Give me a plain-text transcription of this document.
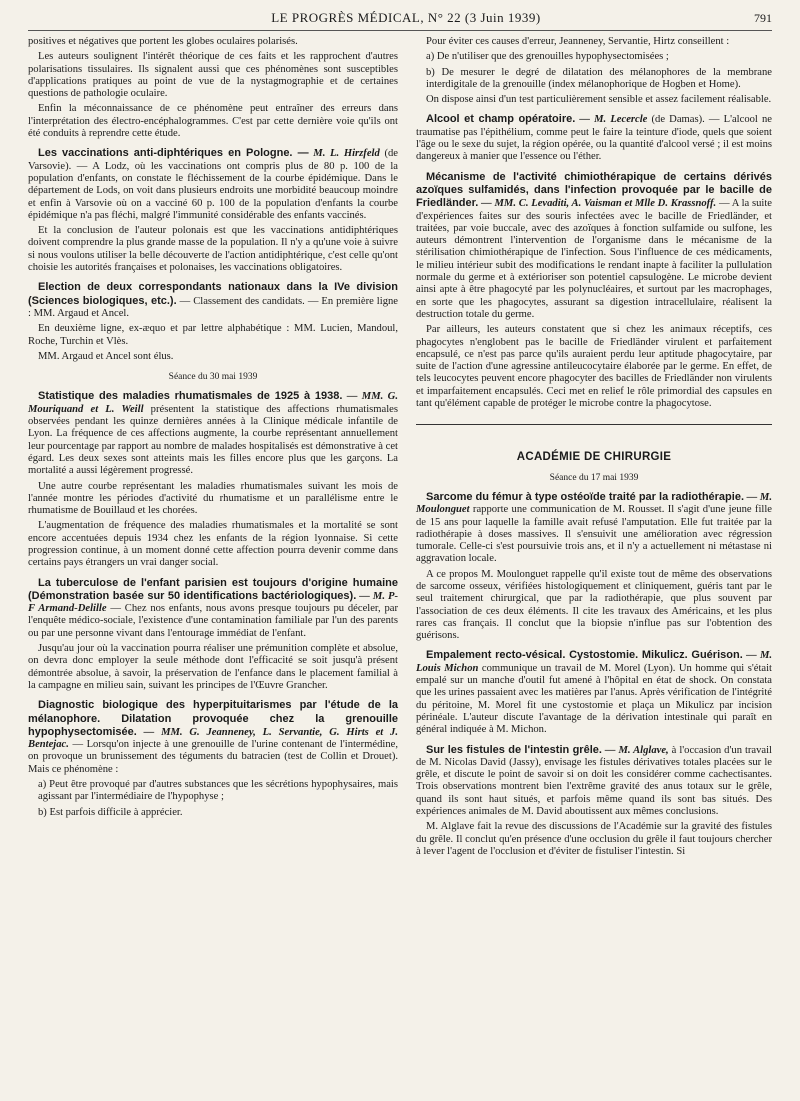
LE PROGRÈS MÉDICAL, N° 22 (3 Juin 1939)	791

positives et négatives que portent les globes oculaires polarisés.

Les auteurs soulignent l'intérêt théorique de ces faits et les rapprochent d'autres polarisations tissulaires. Ils signalent aussi que ces phénomènes sont susceptibles d'applications pratiques au point de vue de la nystagmographie et de certaines questions de pathologie oculaire.

Enfin la méconnaissance de ce phénomène peut entraîner des erreurs dans l'interprétation des électro-encéphalogrammes. C'est par cette dernière voie qu'ils ont été conduits à reprendre cette étude.

Les vaccinations anti-diphtériques en Pologne. — M. L. Hirzfeld (de Varsovie). — A Lodz, où les vaccinations ont compris plus de 80 p. 100 de la population d'enfants, on constate le fléchissement de la courbe épidémique. Dans le département de Lods, on voit dans plusieurs endroits une morbidité beaucoup moindre et enfin à Varsovie où on a vacciné 60 p. 100 de la population d'enfants la courbe épidémique n'a pas fléchi, malgré l'immunité considérable des enfants vaccinés.

Et la conclusion de l'auteur polonais est que les vaccinations antidiphtériques doivent comprendre la plus grande masse de la population. Il n'y a qu'une voie à suivre si nous voulons utiliser la belle découverte de l'action antidiphtérique, c'est celle qu'ont choisie les autorités françaises et polonaises, les vaccinations obligatoires.

Election de deux correspondants nationaux dans la IVe division (Sciences biologiques, etc.). — Classement des candidats. — En première ligne : MM. Argaud et Ancel.

En deuxième ligne, ex-æquo et par lettre alphabétique : MM. Lucien, Mandoul, Roche, Turchin et Vlès.

MM. Argaud et Ancel sont élus.

Séance du 30 mai 1939

Statistique des maladies rhumatismales de 1925 à 1938. — MM. G. Mouriquand et L. Weill présentent la statistique des affections rhumatismales observées pendant les quinze dernières années à la Clinique médicale infantile de Lyon. La fréquence de ces affections augmente, la courbe représentant annuellement leur pourcentage par rapport au nombre de malades hospitalisés est démonstrative à cet égard. Les deux sexes sont atteints mais les filles encore plus que les garçons. La mortalité a aussi légèrement progressé.

Une autre courbe représentant les maladies rhumatismales suivant les mois de l'année montre les périodes d'activité du rhumatisme et un parallélisme entre le rhumatisme de Bouillaud et les chorées.

L'augmentation de fréquence des maladies rhumatismales et la mortalité se sont encore accentuées depuis 1934 chez les enfants de la région lyonnaise. Si cette progression continue, à un moment donné cette affection pourra devenir comme dans certains pays étrangers un vrai danger social.

La tuberculose de l'enfant parisien est toujours d'origine humaine (Démonstration basée sur 50 identifications bactériologiques). — M. P-F Armand-Delille — Chez nos enfants, nous avons presque toujours pu déceler, par l'enquête médico-sociale, l'existence d'une contamination familiale par l'un des parents ou par une personne vivant dans l'entourage immédiat de l'enfant.

Jusqu'au jour où la vaccination pourra réaliser une prémunition complète et absolue, on devra donc employer la seule méthode dont l'efficacité se soit jusqu'à présent démontrée absolue, à savoir, la préservation de l'enfance dans le placement familial à la campagne en milieu sain, suivant les principes de l'Œuvre Grancher.

Diagnostic biologique des hyperpituitarismes par l'étude de la mélanophore. Dilatation provoquée chez la grenouille hypophysectomisée. — MM. G. Jeanneney, L. Servantie, G. Hirts et J. Bentejac. — Lorsqu'on injecte à une grenouille de l'urine contenant de l'intermédine, on provoque un brunissement des téguments du batracien (test de Collin et Drouet). Mais ce phénomène :

a) Peut être provoqué par d'autres substances que les sécrétions hypophysaires, mais agissant par l'intermédiaire de l'hypophyse ;

b) Est parfois difficile à apprécier.

Pour éviter ces causes d'erreur, Jeanneney, Servantie, Hirtz conseillent :

a) De n'utiliser que des grenouilles hypophysectomisées ;

b) De mesurer le degré de dilatation des mélanophores de la membrane interdigitale de la grenouille (index mélanophorique de Hogben et Home).

On dispose ainsi d'un test particulièrement sensible et assez facilement réalisable.

Alcool et champ opératoire. — M. Lecercle (de Damas). — L'alcool ne traumatise pas l'épithélium, comme peut le faire la teinture d'iode, quels que soient l'âge ou le sexe du sujet, la région opérée, ou la quantité d'alcool versé ; il est moins dangereux à manier que l'essence ou l'éther.

Mécanisme de l'activité chimiothérapique de certains dérivés azoïques sulfamidés, dans l'infection provoquée par le bacille de Friedländer. — MM. C. Levaditi, A. Vaisman et Mlle D. Krassnoff. — A la suite d'expériences faites sur des souris infectées avec le bacille de Friedländer, et traitées, par voie buccale, avec des azoïques à fonction sulfamide ou sulfone, les auteurs démontrent l'intervention de l'organisme dans le mécanisme de la stérilisation chimiothérapique de l'infection. Sous l'influence de ces médicaments, le milieu intérieur subit des modifications le rendant inapte à faciliter la pullulation normale du germe et à extérioriser son potentiel capsulogène. Le microbe devient ainsi apte à être phagocyté par les polynucléaires, et surtout par les macrophages, en sorte que les phagocytes, assurant sa digestion intracellulaire, réalisent la destruction totale du germe.

Par ailleurs, les auteurs constatent que si chez les animaux réceptifs, ces phagocytes n'englobent pas le bacille de Friedländer virulent et parfaitement encapsulé, ce n'est pas parce qu'ils auraient perdu leur aptitude phagocytaire, par suite de l'action d'une agressine antileucocytaire élaborée par le germe. En effet, de tels leucocytes peuvent encore phagocyter des bacilles de Friedländer non virulents et imparfaitement encapsulés. Ceci met en relief le rôle primordial des capsules en tant qu'élément capable de protéger le microbe contre la phagocytose.

ACADÉMIE DE CHIRURGIE

Séance du 17 mai 1939

Sarcome du fémur à type ostéoïde traité par la radiothérapie. — M. Moulonguet rapporte une communication de M. Rousset. Il s'agit d'une jeune fille de 15 ans pour laquelle la famille avait refusé l'amputation. Elle fut traitée par la radiothérapie à doses massives. Il s'ensuivit une amélioration avec régression tumorale. Celle-ci s'est poursuivie trois ans, et il n'y a actuellement ni métastase ni aggravation locale.

A ce propos M. Moulonguet rappelle qu'il existe tout de même des observations de sarcome osseux, vérifiées histologiquement et cliniquement, guéris tant par le seul traitement chirurgical, que par la radiothérapie, que plus souvent par l'association de ces deux éléments. Il cite les travaux des Américains, et les plus rares cas français. Il conclut que la biopsie n'influe pas sur l'obtention des guérisons.

Empalement recto-vésical. Cystostomie. Mikulicz. Guérison. — M. Louis Michon communique un travail de M. Morel (Lyon). Un homme qui s'était empalé sur un manche d'outil fut amené à l'hôpital en état de shock. On constata que les urines passaient avec les matières par l'anus. Après vérification de l'intégrité du péritoine, M. Morel fit une cystostomie et plaça un Mikulicz par incision périnéale. L'auteur discute l'avantage de la dérivation intestinale qui paraît en général indiquée à M. Michon.

Sur les fistules de l'intestin grêle. — M. Alglave, à l'occasion d'un travail de M. Nicolas David (Jassy), envisage les fistules dérivatives totales placées sur le grêle, et discute le point de savoir si on doit les considérer comme cachectisantes. Trois observations montrent bien l'extrême gravité des anus totaux sur le grêle, quand ils sont haut situés, et parfois même quand ils sont bas situés. Des expériences animales de M. David aboutissent aux mêmes conclusions.

M. Alglave fait la revue des discussions de l'Académie sur la gravité des fistules du grêle. Il conclut qu'en présence d'une occlusion du grêle il faut toujours chercher à lever l'agent de l'occlusion et d'éviter de fistuliser l'intestin. Si
